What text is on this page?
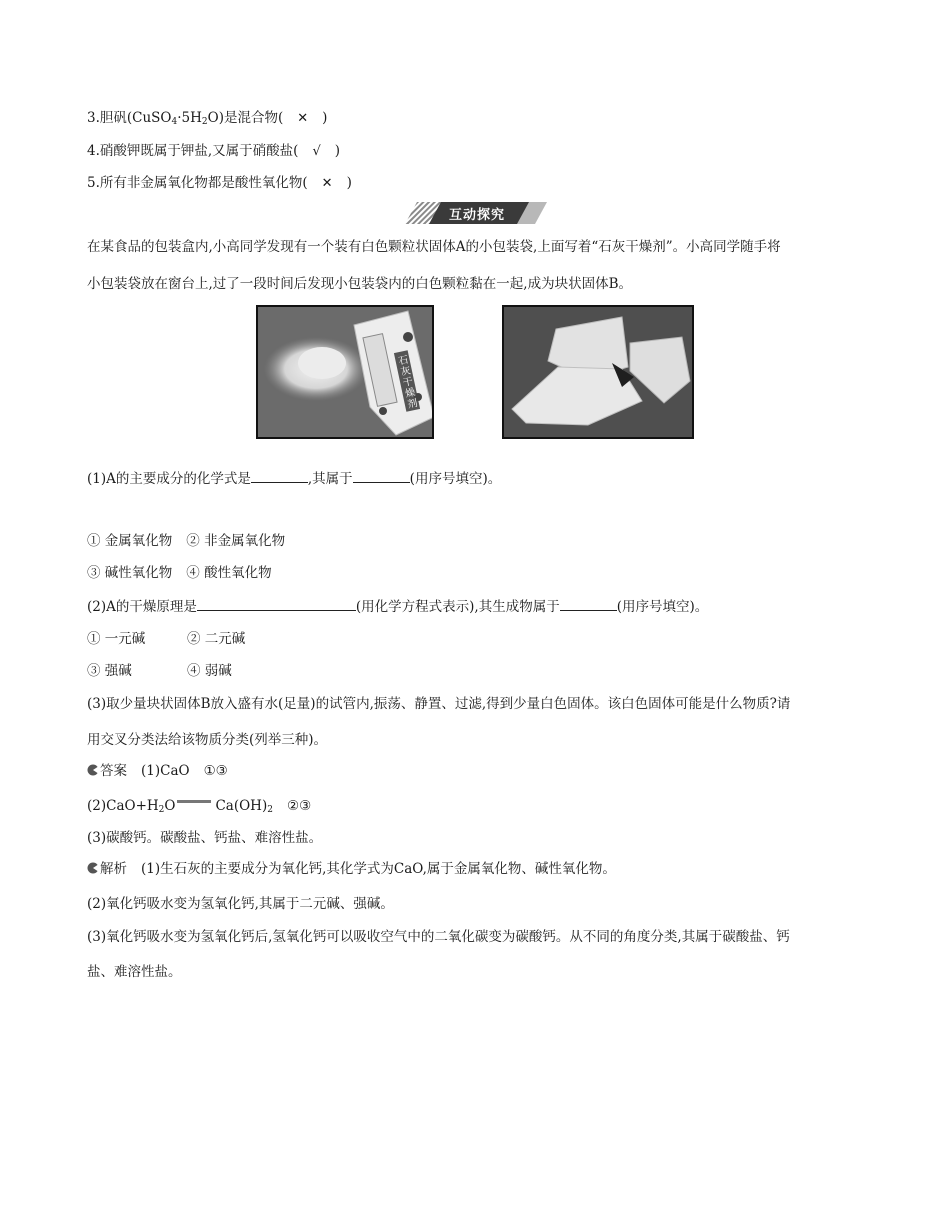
3.胆矾$(CuSO_4\cdot 5H_2O)$是混合物( ✕ )
4.硝酸钾既属于钾盐,又属于硝酸盐( √ )
5.所有非金属氧化物都是酸性氧化物( ✕ )
互动探究
在某食品的包装盒内,小高同学发现有一个装有白色颗粒状固体A的小包装袋,上面写着“石灰干燥剂”。小高同学随手将
小包装袋放在窗台上,过了一段时间后发现小包装袋内的白色颗粒黏在一起,成为块状固体B。
石灰干燥剂
(1)A的主要成分的化学式是	,其属于	(用序号填空)。
① 金属氧化物 ② 非金属氧化物
③ 碱性氧化物 ④ 酸性氧化物
(2)A的干燥原理是	(用化学方程式表示),其生成物属于	(用序号填空)。
① 一元碱	② 二元碱
③ 强碱	④ 弱碱
(3)取少量块状固体B放入盛有水(足量)的试管内,振荡、静置、过滤,得到少量白色固体。该白色固体可能是什么物质?请
用交叉分类法给该物质分类(列举三种)。
答案 (1)CaO ①③
$(2)CaO+H_2O$	$Ca(OH)_2$ ②③
(3)碳酸钙。碳酸盐、钙盐、难溶性盐。
解析 (1)生石灰的主要成分为氧化钙,其化学式为CaO,属于金属氧化物、碱性氧化物。
(2)氧化钙吸水变为氢氧化钙,其属于二元碱、强碱。
(3)氧化钙吸水变为氢氧化钙后,氢氧化钙可以吸收空气中的二氧化碳变为碳酸钙。从不同的角度分类,其属于碳酸盐、钙
盐、难溶性盐。
